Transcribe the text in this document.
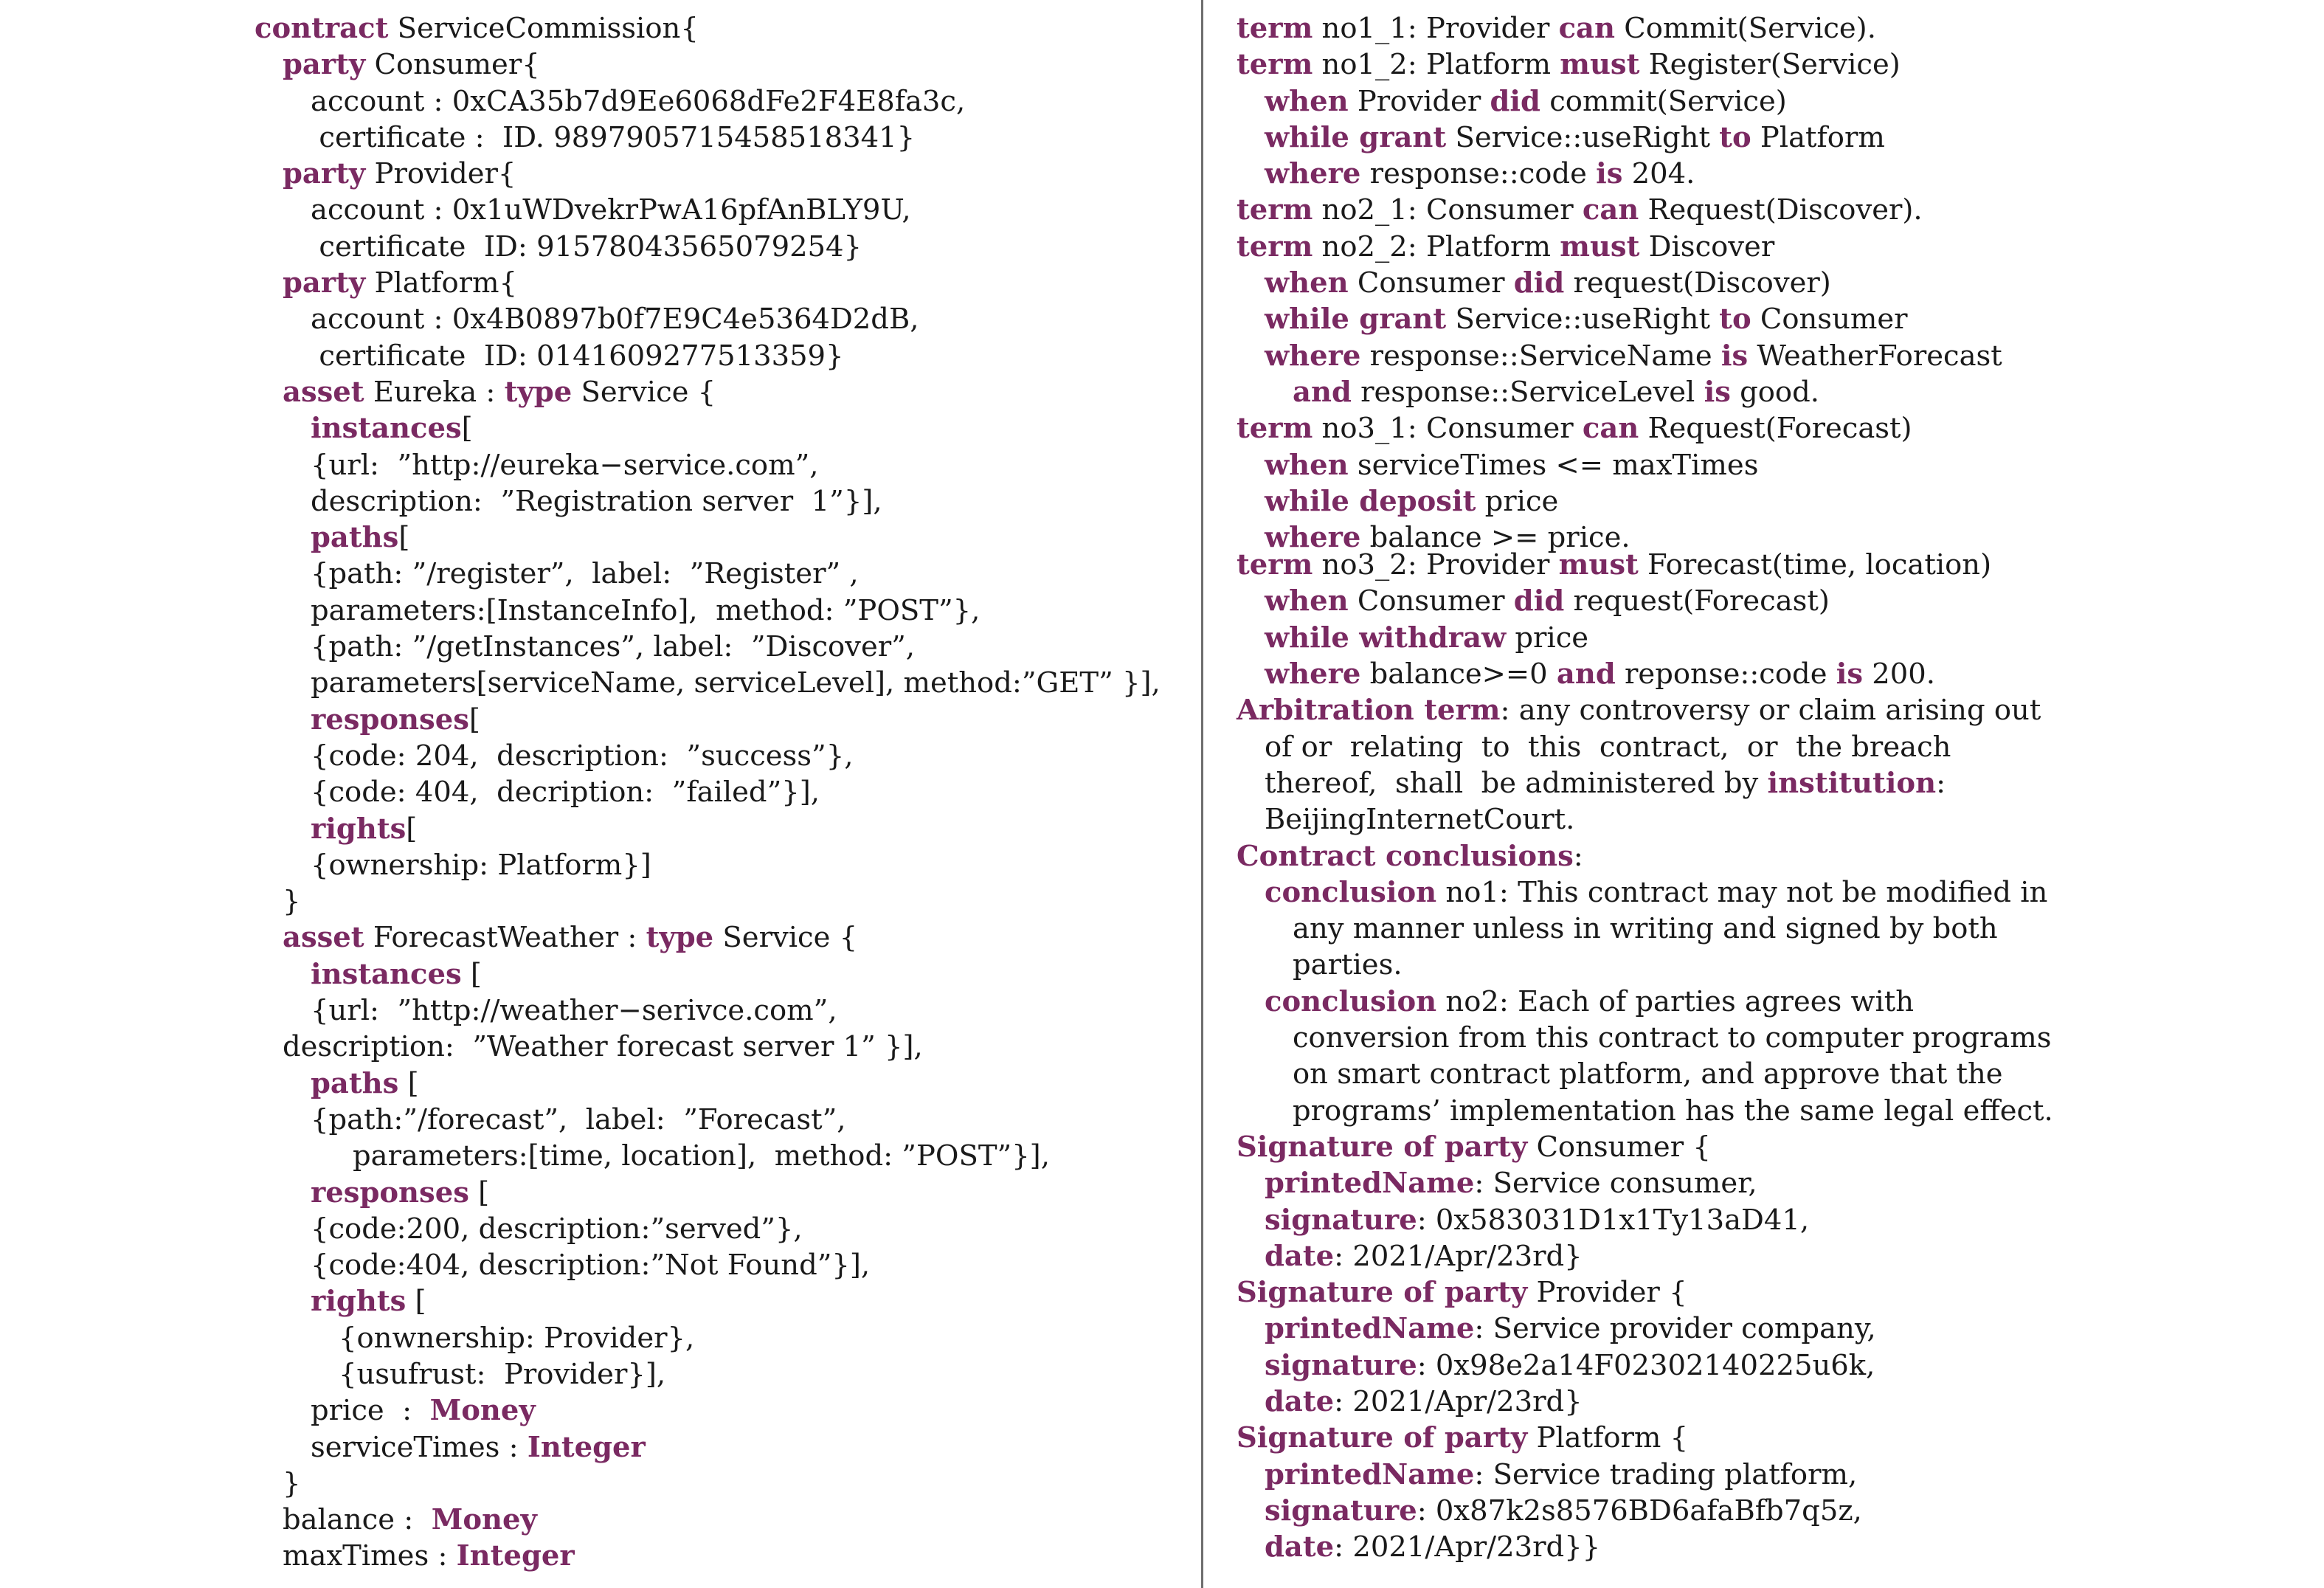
contract ServiceCommission{
party Consumer{
account : 0xCA35b7d9Ee6068dFe2F4E8fa3c,
certificate :  ID. 9897905715458518341}
party Provider{
account : 0x1uWDvekrPwA16pfAnBLY9U,
certificate  ID: 91578043565079254}
party Platform{
account : 0x4B0897b0f7E9C4e5364D2dB,
certificate  ID: 0141609277513359}
asset Eureka : type Service {
instances[
{url:  ”http://eureka−service.com”,
description:  ”Registration server  1”}],
paths[
{path: ”/register”,  label:  ”Register” ,
parameters:[InstanceInfo],  method: ”POST”},
{path: ”/getInstances”, label:  ”Discover”,
parameters[serviceName, serviceLevel], method:”GET” }],
responses[
{code: 204,  description:  ”success”},
{code: 404,  decription:  ”failed”}],
rights[
{ownership: Platform}]
}
asset ForecastWeather : type Service {
instances [
{url:  ”http://weather−serivce.com”,
description:  ”Weather forecast server 1” }],
paths [
{path:”/forecast”,  label:  ”Forecast”,
parameters:[time, location],  method: ”POST”}],
responses [
{code:200, description:”served”},
{code:404, description:”Not Found”}],
rights [
{onwnership: Provider},
{usufrust:  Provider}],
price  :  Money
serviceTimes : Integer
}
balance :  Money
maxTimes : Integer
term no1_1: Provider can Commit(Service).
term no1_2: Platform must Register(Service)
when Provider did commit(Service)
while grant Service::useRight to Platform
where response::code is 204.
term no2_1: Consumer can Request(Discover).
term no2_2: Platform must Discover
when Consumer did request(Discover)
while grant Service::useRight to Consumer
where response::ServiceName is WeatherForecast
and response::ServiceLevel is good.
term no3_1: Consumer can Request(Forecast)
when serviceTimes <= maxTimes
while deposit price
where balance >= price.
term no3_2: Provider must Forecast(time, location)
when Consumer did request(Forecast)
while withdraw price
where balance>=0 and reponse::code is 200.
Arbitration term: any controversy or claim arising out
of or  relating  to  this  contract,  or  the breach
thereof,  shall  be administered by institution:
BeijingInternetCourt.
Contract conclusions:
conclusion no1: This contract may not be modified in
any manner unless in writing and signed by both
parties.
conclusion no2: Each of parties agrees with
conversion from this contract to computer programs
on smart contract platform, and approve that the
programs’ implementation has the same legal effect.
Signature of party Consumer {
printedName: Service consumer,
signature: 0x583031D1x1Ty13aD41,
date: 2021/Apr/23rd}
Signature of party Provider {
printedName: Service provider company,
signature: 0x98e2a14F02302140225u6k,
date: 2021/Apr/23rd}
Signature of party Platform {
printedName: Service trading platform,
signature: 0x87k2s8576BD6afaBfb7q5z,
date: 2021/Apr/23rd}}
